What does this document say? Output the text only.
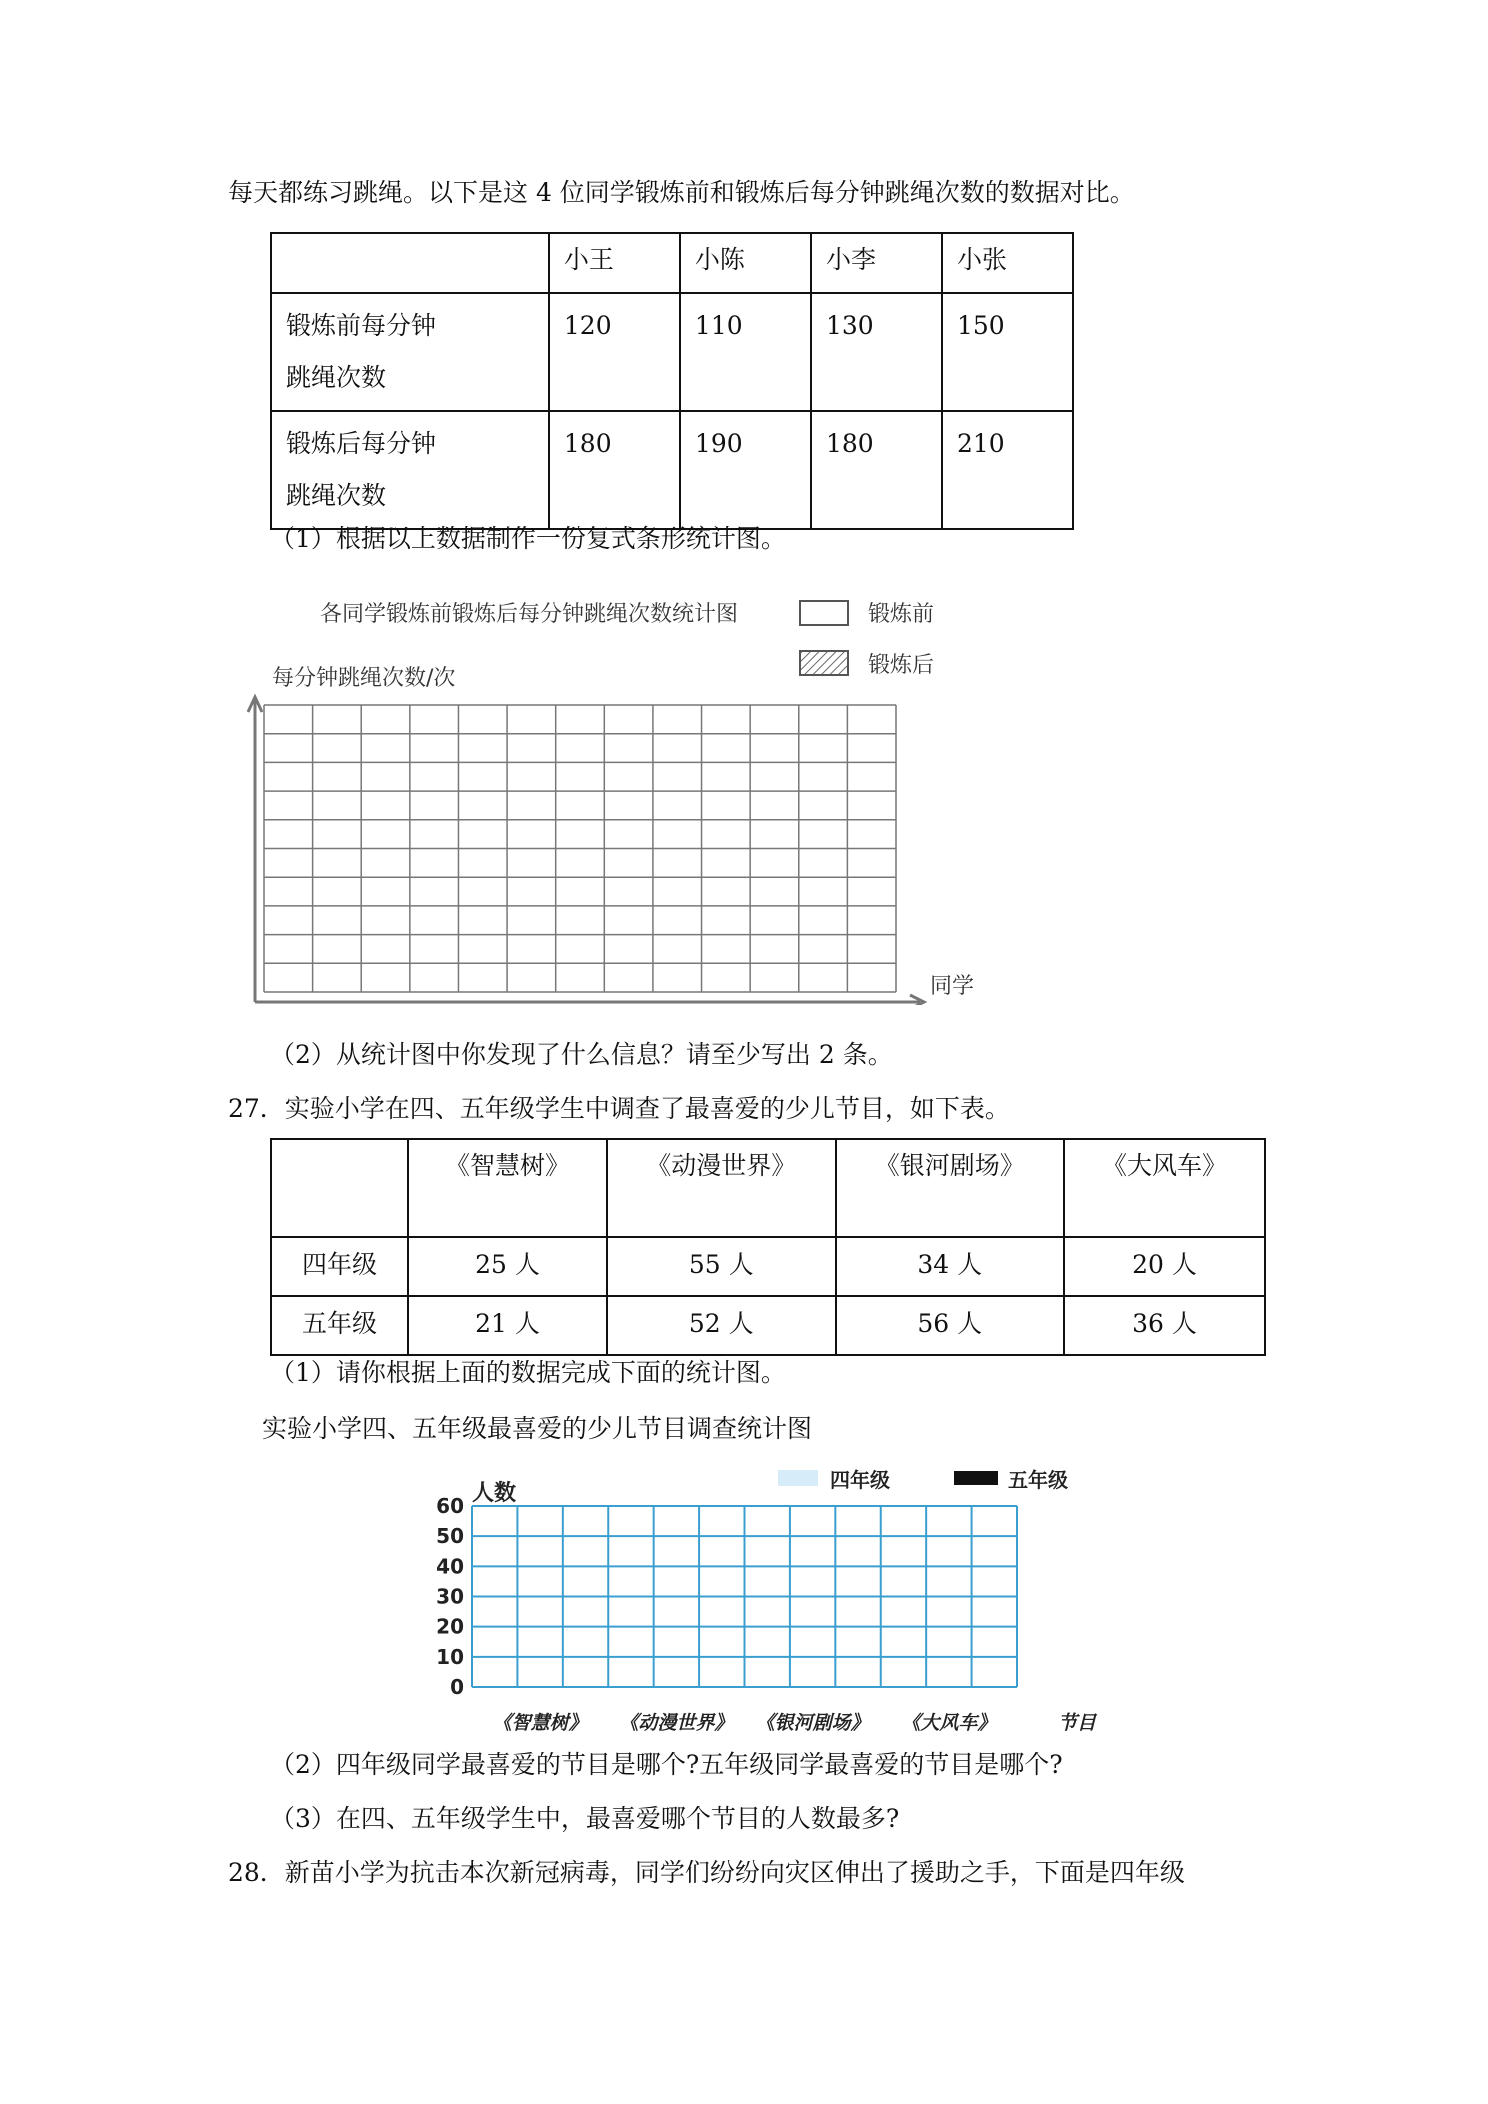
每天都练习跳绳。以下是这 4 位同学锻炼前和锻炼后每分钟跳绳次数的数据对比。

	小王	小陈	小李	小张

锻炼前每分钟
跳绳次数	120	110	130	150

锻炼后每分钟
跳绳次数	180	190	180	210
（1）根据以上数据制作一份复式条形统计图。
各同学锻炼前锻炼后每分钟跳绳次数统计图	锻炼前
锻炼后
每分钟跳绳次数/次
同学
（2）从统计图中你发现了什么信息？请至少写出 2 条。
27．实验小学在四、五年级学生中调查了最喜爱的少儿节目，如下表。

	《智慧树》	《动漫世界》	《银河剧场》	《大风车》

四年级	25 人	55 人	34 人	20 人

五年级	21 人	52 人	56 人	36 人
（1）请你根据上面的数据完成下面的统计图。
实验小学四、五年级最喜爱的少儿节目调查统计图
四年级	五年级
人数
60
50
40
30
20
10
0
《智慧树》 《动漫世界》 《银河剧场》 《大风车》	节目
（2）四年级同学最喜爱的节目是哪个?五年级同学最喜爱的节目是哪个?
（3）在四、五年级学生中，最喜爱哪个节目的人数最多?
28．新苗小学为抗击本次新冠病毒，同学们纷纷向灾区伸出了援助之手，下面是四年级
